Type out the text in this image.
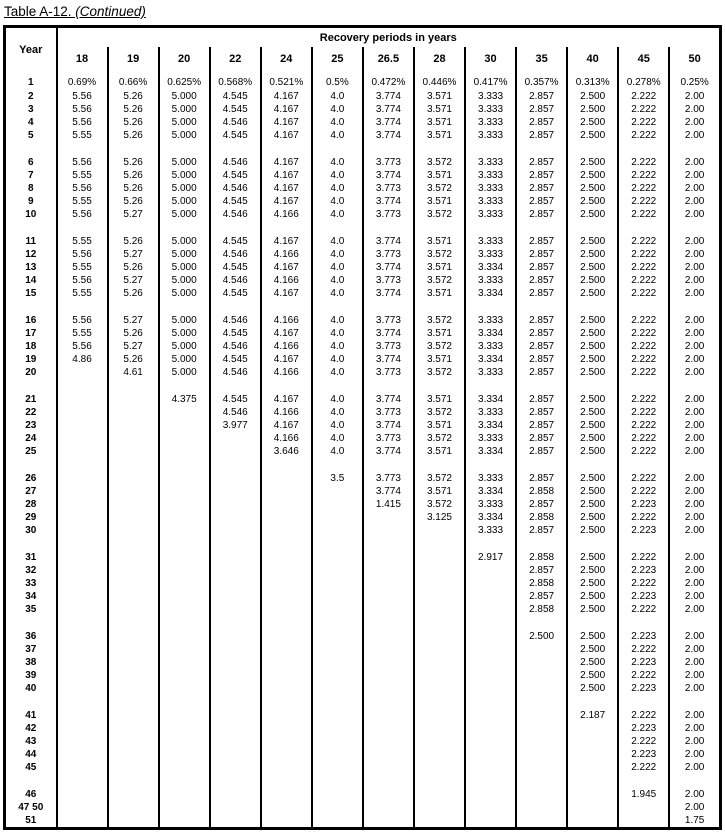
Table A-12. (Continued)
Year	Recovery periods in years												
	18	19	20	22	24	25	26.5	28	30	35	40	45	50
1	0.69%	0.66%	0.625%	0.568%	0.521%	0.5%	0.472%	0.446%	0.417%	0.357%	0.313%	0.278%	0.25%
2	5.56	5.26	5.000	4.545	4.167	4.0	3.774	3.571	3.333	2.857	2.500	2.222	2.00
3	5.56	5.26	5.000	4.545	4.167	4.0	3.774	3.571	3.333	2.857	2.500	2.222	2.00
4	5.56	5.26	5.000	4.546	4.167	4.0	3.774	3.571	3.333	2.857	2.500	2.222	2.00
5	5.55	5.26	5.000	4.545	4.167	4.0	3.774	3.571	3.333	2.857	2.500	2.222	2.00

6	5.56	5.26	5.000	4.546	4.167	4.0	3.773	3.572	3.333	2.857	2.500	2.222	2.00
7	5.55	5.26	5.000	4.545	4.167	4.0	3.774	3.571	3.333	2.857	2.500	2.222	2.00
8	5.56	5.26	5.000	4.546	4.167	4.0	3.773	3.572	3.333	2.857	2.500	2.222	2.00
9	5.55	5.26	5.000	4.545	4.167	4.0	3.774	3.571	3.333	2.857	2.500	2.222	2.00
10	5.56	5.27	5.000	4.546	4.166	4.0	3.773	3.572	3.333	2.857	2.500	2.222	2.00

11	5.55	5.26	5.000	4.545	4.167	4.0	3.774	3.571	3.333	2.857	2.500	2.222	2.00
12	5.56	5.27	5.000	4.546	4.166	4.0	3.773	3.572	3.333	2.857	2.500	2.222	2.00
13	5.55	5.26	5.000	4.545	4.167	4.0	3.774	3.571	3.334	2.857	2.500	2.222	2.00
14	5.56	5.27	5.000	4.546	4.166	4.0	3.773	3.572	3.333	2.857	2.500	2.222	2.00
15	5.55	5.26	5.000	4.545	4.167	4.0	3.774	3.571	3.334	2.857	2.500	2.222	2.00

16	5.56	5.27	5.000	4.546	4.166	4.0	3.773	3.572	3.333	2.857	2.500	2.222	2.00
17	5.55	5.26	5.000	4.545	4.167	4.0	3.774	3.571	3.334	2.857	2.500	2.222	2.00
18	5.56	5.27	5.000	4.546	4.166	4.0	3.773	3.572	3.333	2.857	2.500	2.222	2.00
19	4.86	5.26	5.000	4.545	4.167	4.0	3.774	3.571	3.334	2.857	2.500	2.222	2.00
20		4.61	5.000	4.546	4.166	4.0	3.773	3.572	3.333	2.857	2.500	2.222	2.00

21			4.375	4.545	4.167	4.0	3.774	3.571	3.334	2.857	2.500	2.222	2.00
22				4.546	4.166	4.0	3.773	3.572	3.333	2.857	2.500	2.222	2.00
23				3.977	4.167	4.0	3.774	3.571	3.334	2.857	2.500	2.222	2.00
24					4.166	4.0	3.773	3.572	3.333	2.857	2.500	2.222	2.00
25					3.646	4.0	3.774	3.571	3.334	2.857	2.500	2.222	2.00

26						3.5	3.773	3.572	3.333	2.857	2.500	2.222	2.00
27							3.774	3.571	3.334	2.858	2.500	2.222	2.00
28							1.415	3.572	3.333	2.857	2.500	2.223	2.00
29								3.125	3.334	2.858	2.500	2.222	2.00
30									3.333	2.857	2.500	2.223	2.00

31									2.917	2.858	2.500	2.222	2.00
32										2.857	2.500	2.223	2.00
33										2.858	2.500	2.222	2.00
34										2.857	2.500	2.223	2.00
35										2.858	2.500	2.222	2.00

36										2.500	2.500	2.223	2.00
37											2.500	2.222	2.00
38											2.500	2.223	2.00
39											2.500	2.222	2.00
40											2.500	2.223	2.00

41											2.187	2.222	2.00
42												2.223	2.00
43												2.222	2.00
44												2.223	2.00
45												2.222	2.00

46												1.945	2.00
47 50													2.00
51													1.75
